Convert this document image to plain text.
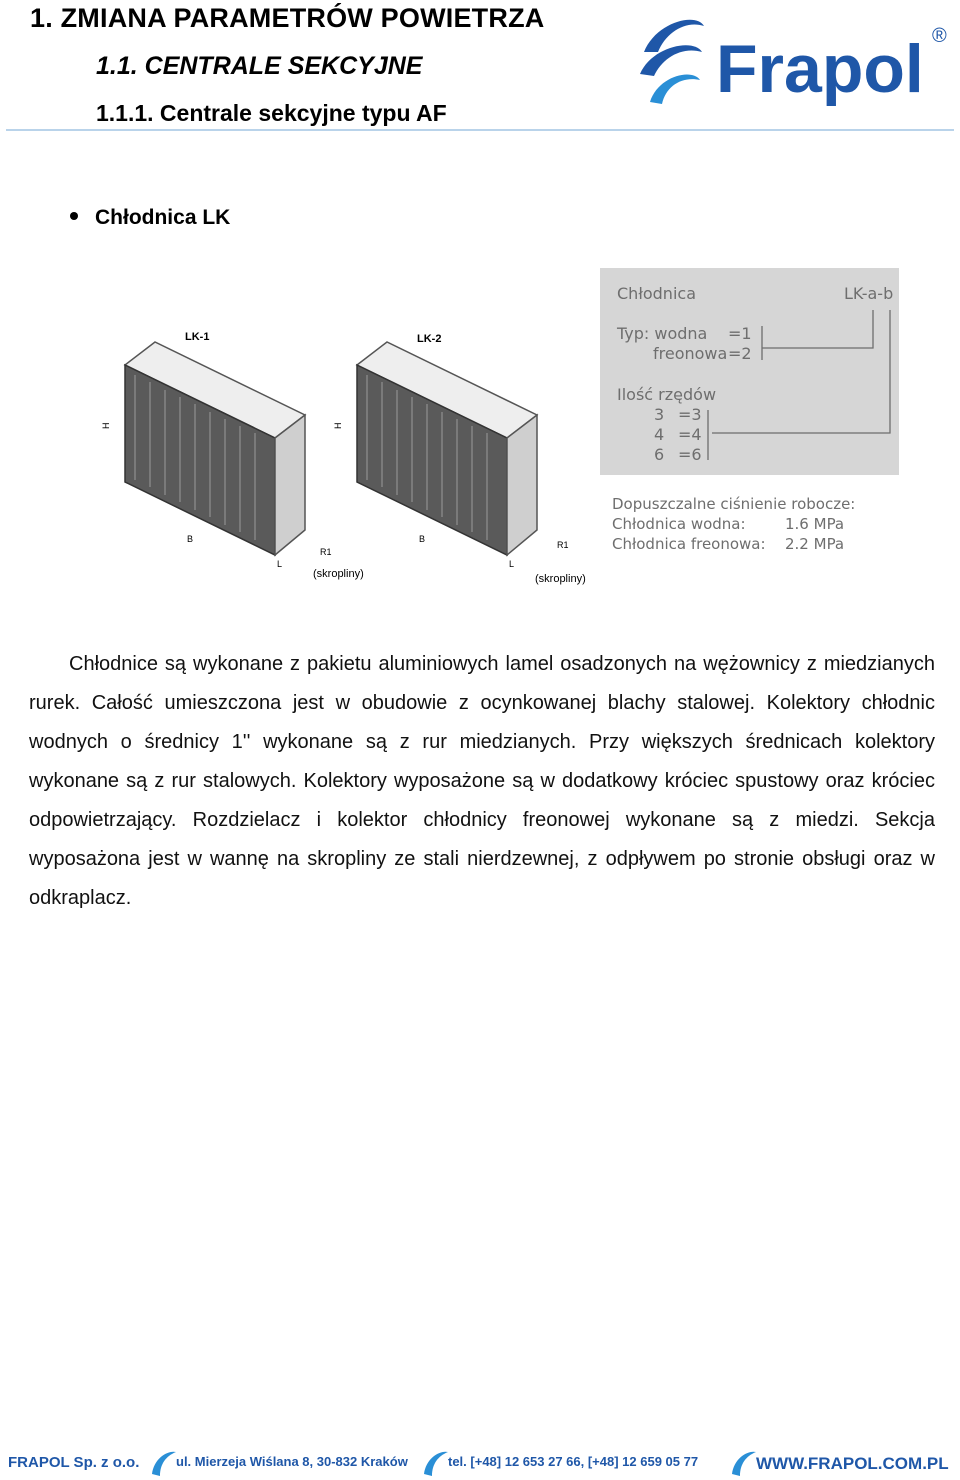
1. ZMIANA PARAMETRÓW POWIETRZA
1.1. CENTRALE SEKCYJNE
1.1.1. Centrale sekcyjne typu AF
Frapol ®
Chłodnica LK
LK-1
H
B
L
R1
(skropliny)
LK-2
H
B
L
R1
(skropliny)
Chłodnica	LK-a-b
Typ: wodna =1
freonowa =2
Ilość rzędów
3 =3
4 =4
6 =6
Dopuszczalne ciśnienie robocze:
Chłodnica wodna:	1.6 MPa
Chłodnica freonowa: 2.2 MPa
Chłodnice są wykonane z pakietu aluminiowych lamel osadzonych na wężownicy z miedzianych rurek. Całość umieszczona jest w obudowie z ocynkowanej blachy stalowej. Kolektory chłodnic wodnych o średnicy 1'' wykonane są z rur miedzianych. Przy większych średnicach kolektory wykonane są z rur stalowych. Kolektory wyposażone są w dodatkowy króciec spustowy oraz króciec odpowietrzający. Rozdzielacz i kolektor chłodnicy freonowej wykonane są z miedzi. Sekcja wyposażona jest w wannę na skropliny ze stali nierdzewnej, z odpływem po stronie obsługi oraz w odkraplacz.
FRAPOL Sp. z o.o.	ul. Mierzeja Wiślana 8, 30-832 Kraków	tel. [+48] 12 653 27 66, [+48] 12 659 05 77	WWW.FRAPOL.COM.PL
